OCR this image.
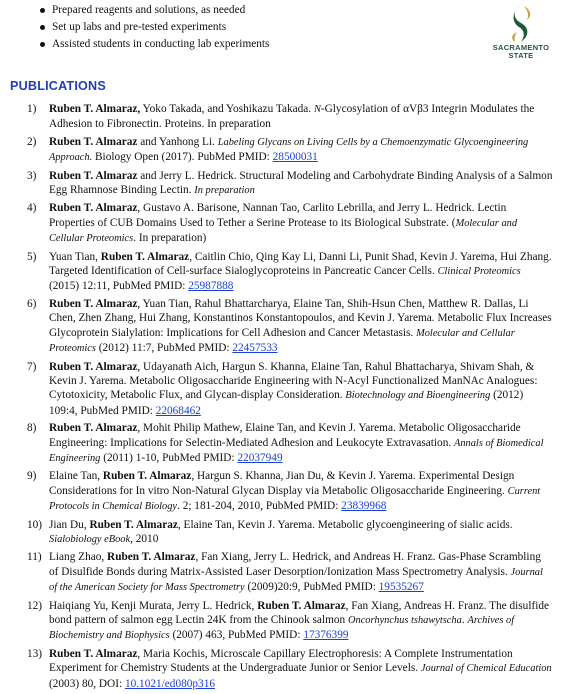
Prepared reagents and solutions, as needed
Set up labs and pre-tested experiments
Assisted students in conducting lab experiments	SACRAMENTO
STATE
PUBLICATIONS
1) Ruben T. Almaraz, Yoko Takada, and Yoshikazu Takada. N-Glycosylation of αVβ3 Integrin Modulates the Adhesion to Fibronectin. Proteins. In preparation
2) Ruben T. Almaraz and Yanhong Li. Labeling Glycans on Living Cells by a Chemoenzymatic Glycoengineering Approach. Biology Open (2017). PubMed PMID: 28500031
3) Ruben T. Almaraz and Jerry L. Hedrick. Structural Modeling and Carbohydrate Binding Analysis of a Salmon Egg Rhamnose Binding Lectin. In preparation
4) Ruben T. Almaraz, Gustavo A. Barisone, Nannan Tao, Carlito Lebrilla, and Jerry L. Hedrick. Lectin Properties of CUB Domains Used to Tether a Serine Protease to its Biological Substrate. (Molecular and Cellular Proteomics. In preparation)
5) Yuan Tian, Ruben T. Almaraz, Caitlin Chio, Qing Kay Li, Danni Li, Punit Shad, Kevin J. Yarema, Hui Zhang. Targeted Identification of Cell-surface Sialoglycoproteins in Pancreatic Cancer Cells. Clinical Proteomics (2015) 12:11, PubMed PMID: 25987888
6) Ruben T. Almaraz, Yuan Tian, Rahul Bhattarcharya, Elaine Tan, Shih-Hsun Chen, Matthew R. Dallas, Li Chen, Zhen Zhang, Hui Zhang, Konstantinos Konstantopoulos, and Kevin J. Yarema. Metabolic Flux Increases Glycoprotein Sialylation: Implications for Cell Adhesion and Cancer Metastasis. Molecular and Cellular Proteomics (2012) 11:7, PubMed PMID: 22457533
7) Ruben T. Almaraz, Udayanath Aich, Hargun S. Khanna, Elaine Tan, Rahul Bhattacharya, Shivam Shah, & Kevin J. Yarema. Metabolic Oligosaccharide Engineering with N-Acyl Functionalized ManNAc Analogues: Cytotoxicity, Metabolic Flux, and Glycan-display Consideration. Biotechnology and Bioengineering (2012) 109:4, PubMed PMID: 22068462
8) Ruben T. Almaraz, Mohit Philip Mathew, Elaine Tan, and Kevin J. Yarema. Metabolic Oligosaccharide Engineering: Implications for Selectin-Mediated Adhesion and Leukocyte Extravasation. Annals of Biomedical Engineering (2011) 1-10, PubMed PMID: 22037949
9) Elaine Tan, Ruben T. Almaraz, Hargun S. Khanna, Jian Du, & Kevin J. Yarema. Experimental Design Considerations for In vitro Non-Natural Glycan Display via Metabolic Oligosaccharide Engineering. Current Protocols in Chemical Biology. 2; 181-204, 2010, PubMed PMID: 23839968
10) Jian Du, Ruben T. Almaraz, Elaine Tan, Kevin J. Yarema. Metabolic glycoengineering of sialic acids. Sialobiology eBook, 2010
11) Liang Zhao, Ruben T. Almaraz, Fan Xiang, Jerry L. Hedrick, and Andreas H. Franz. Gas-Phase Scrambling of Disulfide Bonds during Matrix-Assisted Laser Desorption/Ionization Mass Spectrometry Analysis. Journal of the American Society for Mass Spectrometry (2009)20:9, PubMed PMID: 19535267
12) Haiqiang Yu, Kenji Murata, Jerry L. Hedrick, Ruben T. Almaraz, Fan Xiang, Andreas H. Franz. The disulfide bond pattern of salmon egg Lectin 24K from the Chinook salmon Oncorhynchus tshawytscha. Archives of Biochemistry and Biophysics (2007) 463, PubMed PMID: 17376399
13) Ruben T. Almaraz, Maria Kochis, Microscale Capillary Electrophoresis: A Complete Instrumentation Experiment for Chemistry Students at the Undergraduate Junior or Senior Levels. Journal of Chemical Education (2003) 80, DOI: 10.1021/ed080p316
